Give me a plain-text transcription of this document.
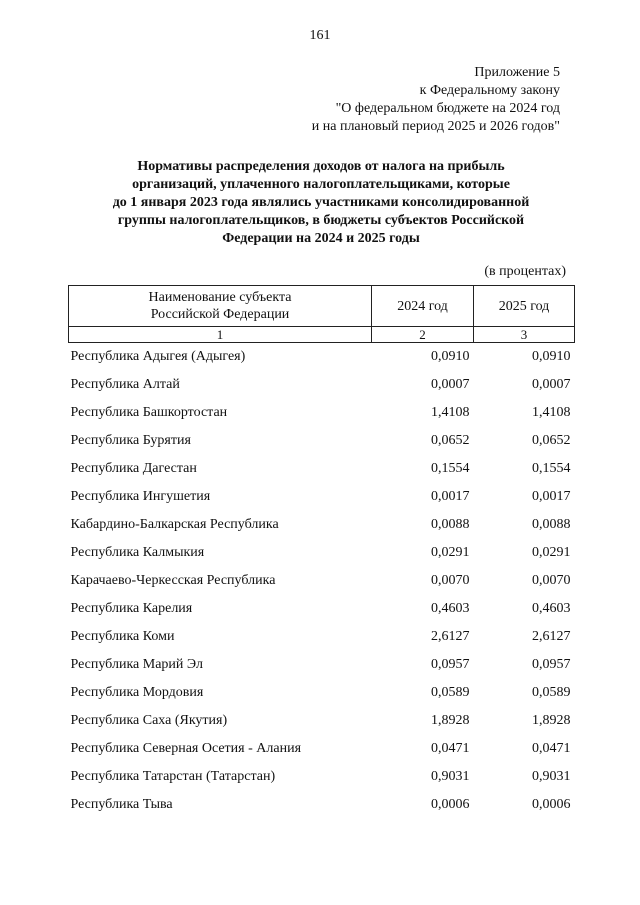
161
Приложение 5
к Федеральному закону
"О федеральном бюджете на 2024 год
и на плановый период 2025 и 2026 годов"
Нормативы распределения доходов от налога на прибыль
организаций, уплаченного налогоплательщиками, которые
до 1 января 2023 года являлись участниками консолидированной
группы налогоплательщиков, в бюджеты субъектов Российской
Федерации на 2024 и 2025 годы
(в процентах)
Наименование субъекта
Российской Федерации	2024 год	2025 год
1	2	3
Республика Адыгея (Адыгея)	0,0910	0,0910
Республика Алтай	0,0007	0,0007
Республика Башкортостан	1,4108	1,4108
Республика Бурятия	0,0652	0,0652
Республика Дагестан	0,1554	0,1554
Республика Ингушетия	0,0017	0,0017
Кабардино-Балкарская Республика	0,0088	0,0088
Республика Калмыкия	0,0291	0,0291
Карачаево-Черкесская Республика	0,0070	0,0070
Республика Карелия	0,4603	0,4603
Республика Коми	2,6127	2,6127
Республика Марий Эл	0,0957	0,0957
Республика Мордовия	0,0589	0,0589
Республика Саха (Якутия)	1,8928	1,8928
Республика Северная Осетия - Алания	0,0471	0,0471
Республика Татарстан (Татарстан)	0,9031	0,9031
Республика Тыва	0,0006	0,0006
